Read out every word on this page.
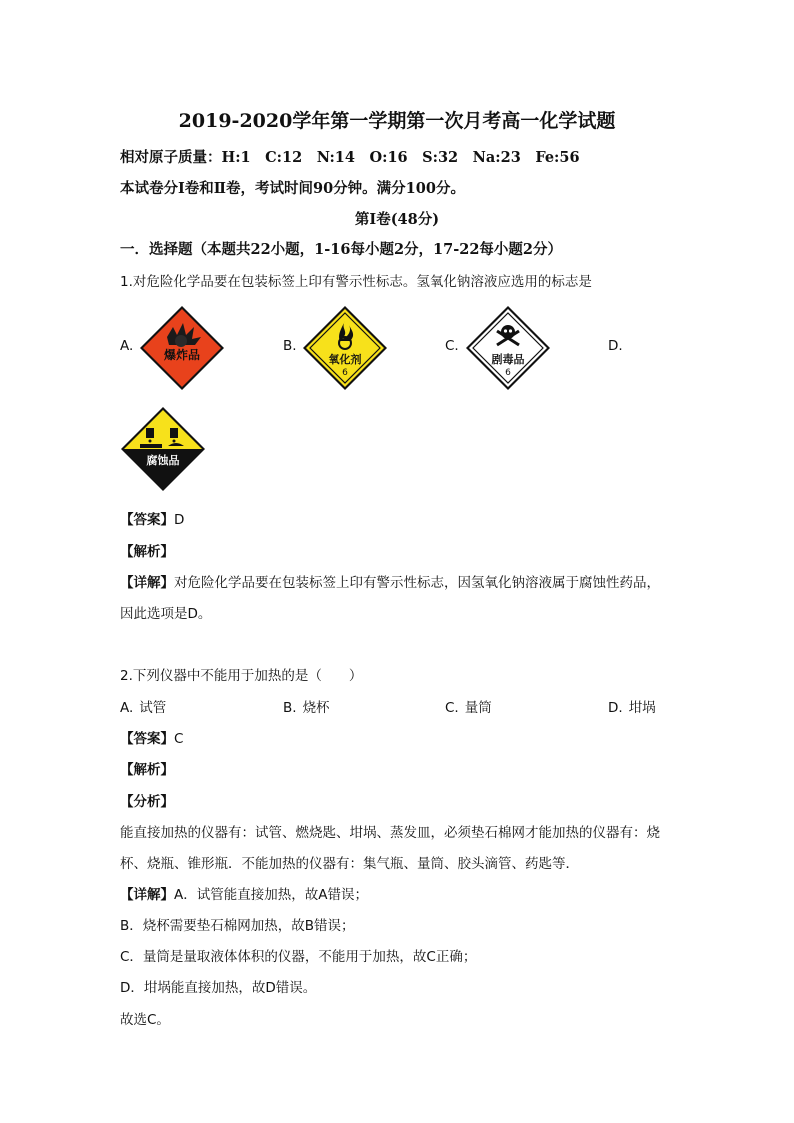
2019-2020学年第一学期第一次月考高一化学试题
相对原子质量：H:1　C:12　N:14　O:16　S:32　Na:23　Fe:56
本试卷分Ⅰ卷和Ⅱ卷，考试时间90分钟。满分100分。
第Ⅰ卷(48分)
一．选择题（本题共22小题，1-16每小题2分，17-22每小题2分）
1.对危险化学品要在包装标签上印有警示性标志。氢氧化钠溶液应选用的标志是
A.
爆炸品
B.
氧化剂
6
C.
剧毒品
6
D.
腐蚀品
【答案】D
【解析】
【详解】对危险化学品要在包装标签上印有警示性标志，因氢氧化钠溶液属于腐蚀性药品，
因此选项是D。
2.下列仪器中不能用于加热的是（　　）
A. 试管	B. 烧杯	C. 量筒	D. 坩埚
【答案】C
【解析】
【分析】
能直接加热的仪器有：试管、燃烧匙、坩埚、蒸发皿，必须垫石棉网才能加热的仪器有：烧
杯、烧瓶、锥形瓶．不能加热的仪器有：集气瓶、量筒、胶头滴管、药匙等．
【详解】A．试管能直接加热，故A错误；
B．烧杯需要垫石棉网加热，故B错误；
C．量筒是量取液体体积的仪器，不能用于加热，故C正确；
D．坩埚能直接加热，故D错误。
故选C。
